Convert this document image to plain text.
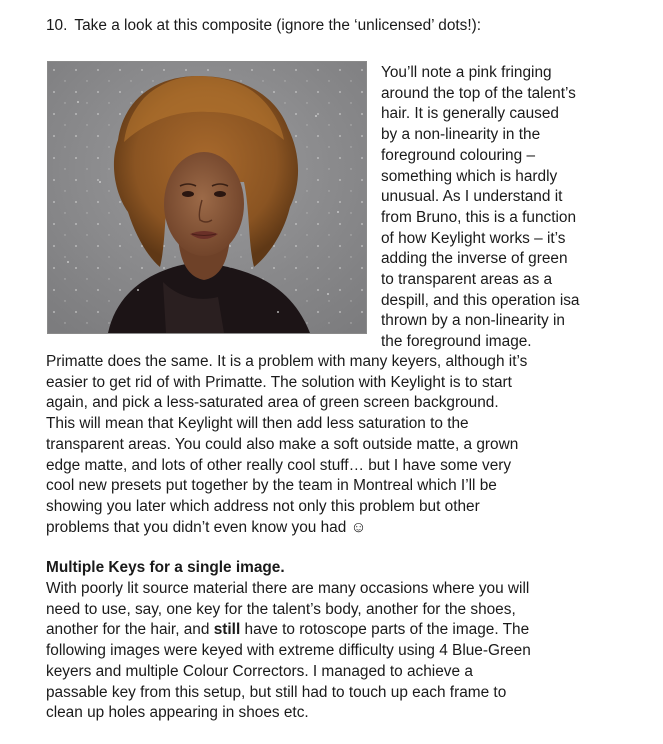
10. Take a look at this composite (ignore the ‘unlicensed’ dots!):
You’ll note a pink fringing
around the top of the talent’s
hair. It is generally caused
by a non-linearity in the
foreground colouring –
something which is hardly
unusual. As I understand it
from Bruno, this is a function
of how Keylight works – it’s
adding the inverse of green
to transparent areas as a
despill, and this operation isa
thrown by a non-linearity in
the foreground image.
Primatte does the same. It is a problem with many keyers, although it’s
easier to get rid of with Primatte. The solution with Keylight is to start
again, and pick a less-saturated area of green screen background.
This will mean that Keylight will then add less saturation to the
transparent areas. You could also make a soft outside matte, a grown
edge matte, and lots of other really cool stuff… but I have some very
cool new presets put together by the team in Montreal which I’ll be
showing you later which address not only this problem but other
problems that you didn’t even know you had ☺
Multiple Keys for a single image.
With poorly lit source material there are many occasions where you will
need to use, say, one key for the talent’s body, another for the shoes,
another for the hair, and still have to rotoscope parts of the image. The
following images were keyed with extreme difficulty using 4 Blue-Green
keyers and multiple Colour Correctors. I managed to achieve a
passable key from this setup, but still had to touch up each frame to
clean up holes appearing in shoes etc.
